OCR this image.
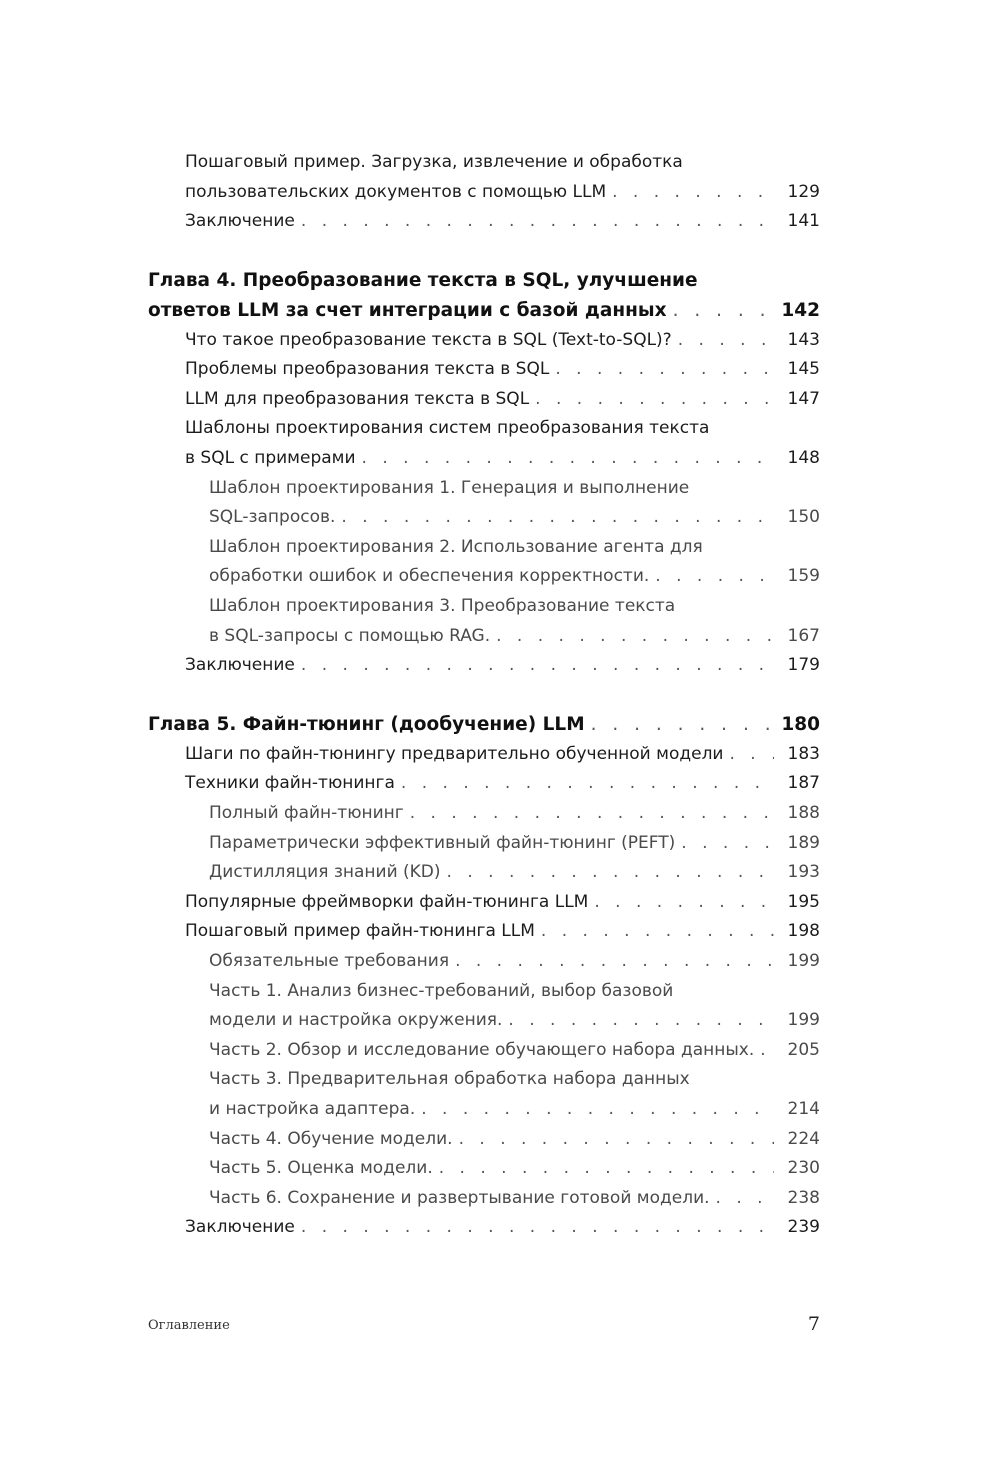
Пошаговый пример. Загрузка, извлечение и обработка
пользовательских документов с помощью LLM . . .	129
Заключение . . .	141
Глава 4. Преобразование текста в SQL, улучшение
ответов LLM за счет интеграции с базой данных . . .	142
Что такое преобразование текста в SQL (Text-to-SQL)? . . .	143
Проблемы преобразования текста в SQL . . .	145
LLM для преобразования текста в SQL . . .	147
Шаблоны проектирования систем преобразования текста
в SQL с примерами . . .	148
Шаблон проектирования 1. Генерация и выполнение
SQL-запросов. . . .	150
Шаблон проектирования 2. Использование агента для
обработки ошибок и обеспечения корректности. . . .	159
Шаблон проектирования 3. Преобразование текста
в SQL-запросы с помощью RAG. . . .	167
Заключение . . .	179
Глава 5. Файн-тюнинг (дообучение) LLM . . .	180
Шаги по файн-тюнингу предварительно обученной модели . . .	183
Техники файн-тюнинга . . .	187
Полный файн-тюнинг . . .	188
Параметрически эффективный файн-тюнинг (PEFT) . . .	189
Дистилляция знаний (KD) . . .	193
Популярные фреймворки файн-тюнинга LLM . . .	195
Пошаговый пример файн-тюнинга LLM . . .	198
Обязательные требования . . .	199
Часть 1. Анализ бизнес-требований, выбор базовой
модели и настройка окружения. . . .	199
Часть 2. Обзор и исследование обучающего набора данных. . . .	205
Часть 3. Предварительная обработка набора данных
и настройка адаптера. . . .	214
Часть 4. Обучение модели. . . .	224
Часть 5. Оценка модели. . . .	230
Часть 6. Сохранение и развертывание готовой модели. . . .	238
Заключение . . .	239
Оглавление	7
